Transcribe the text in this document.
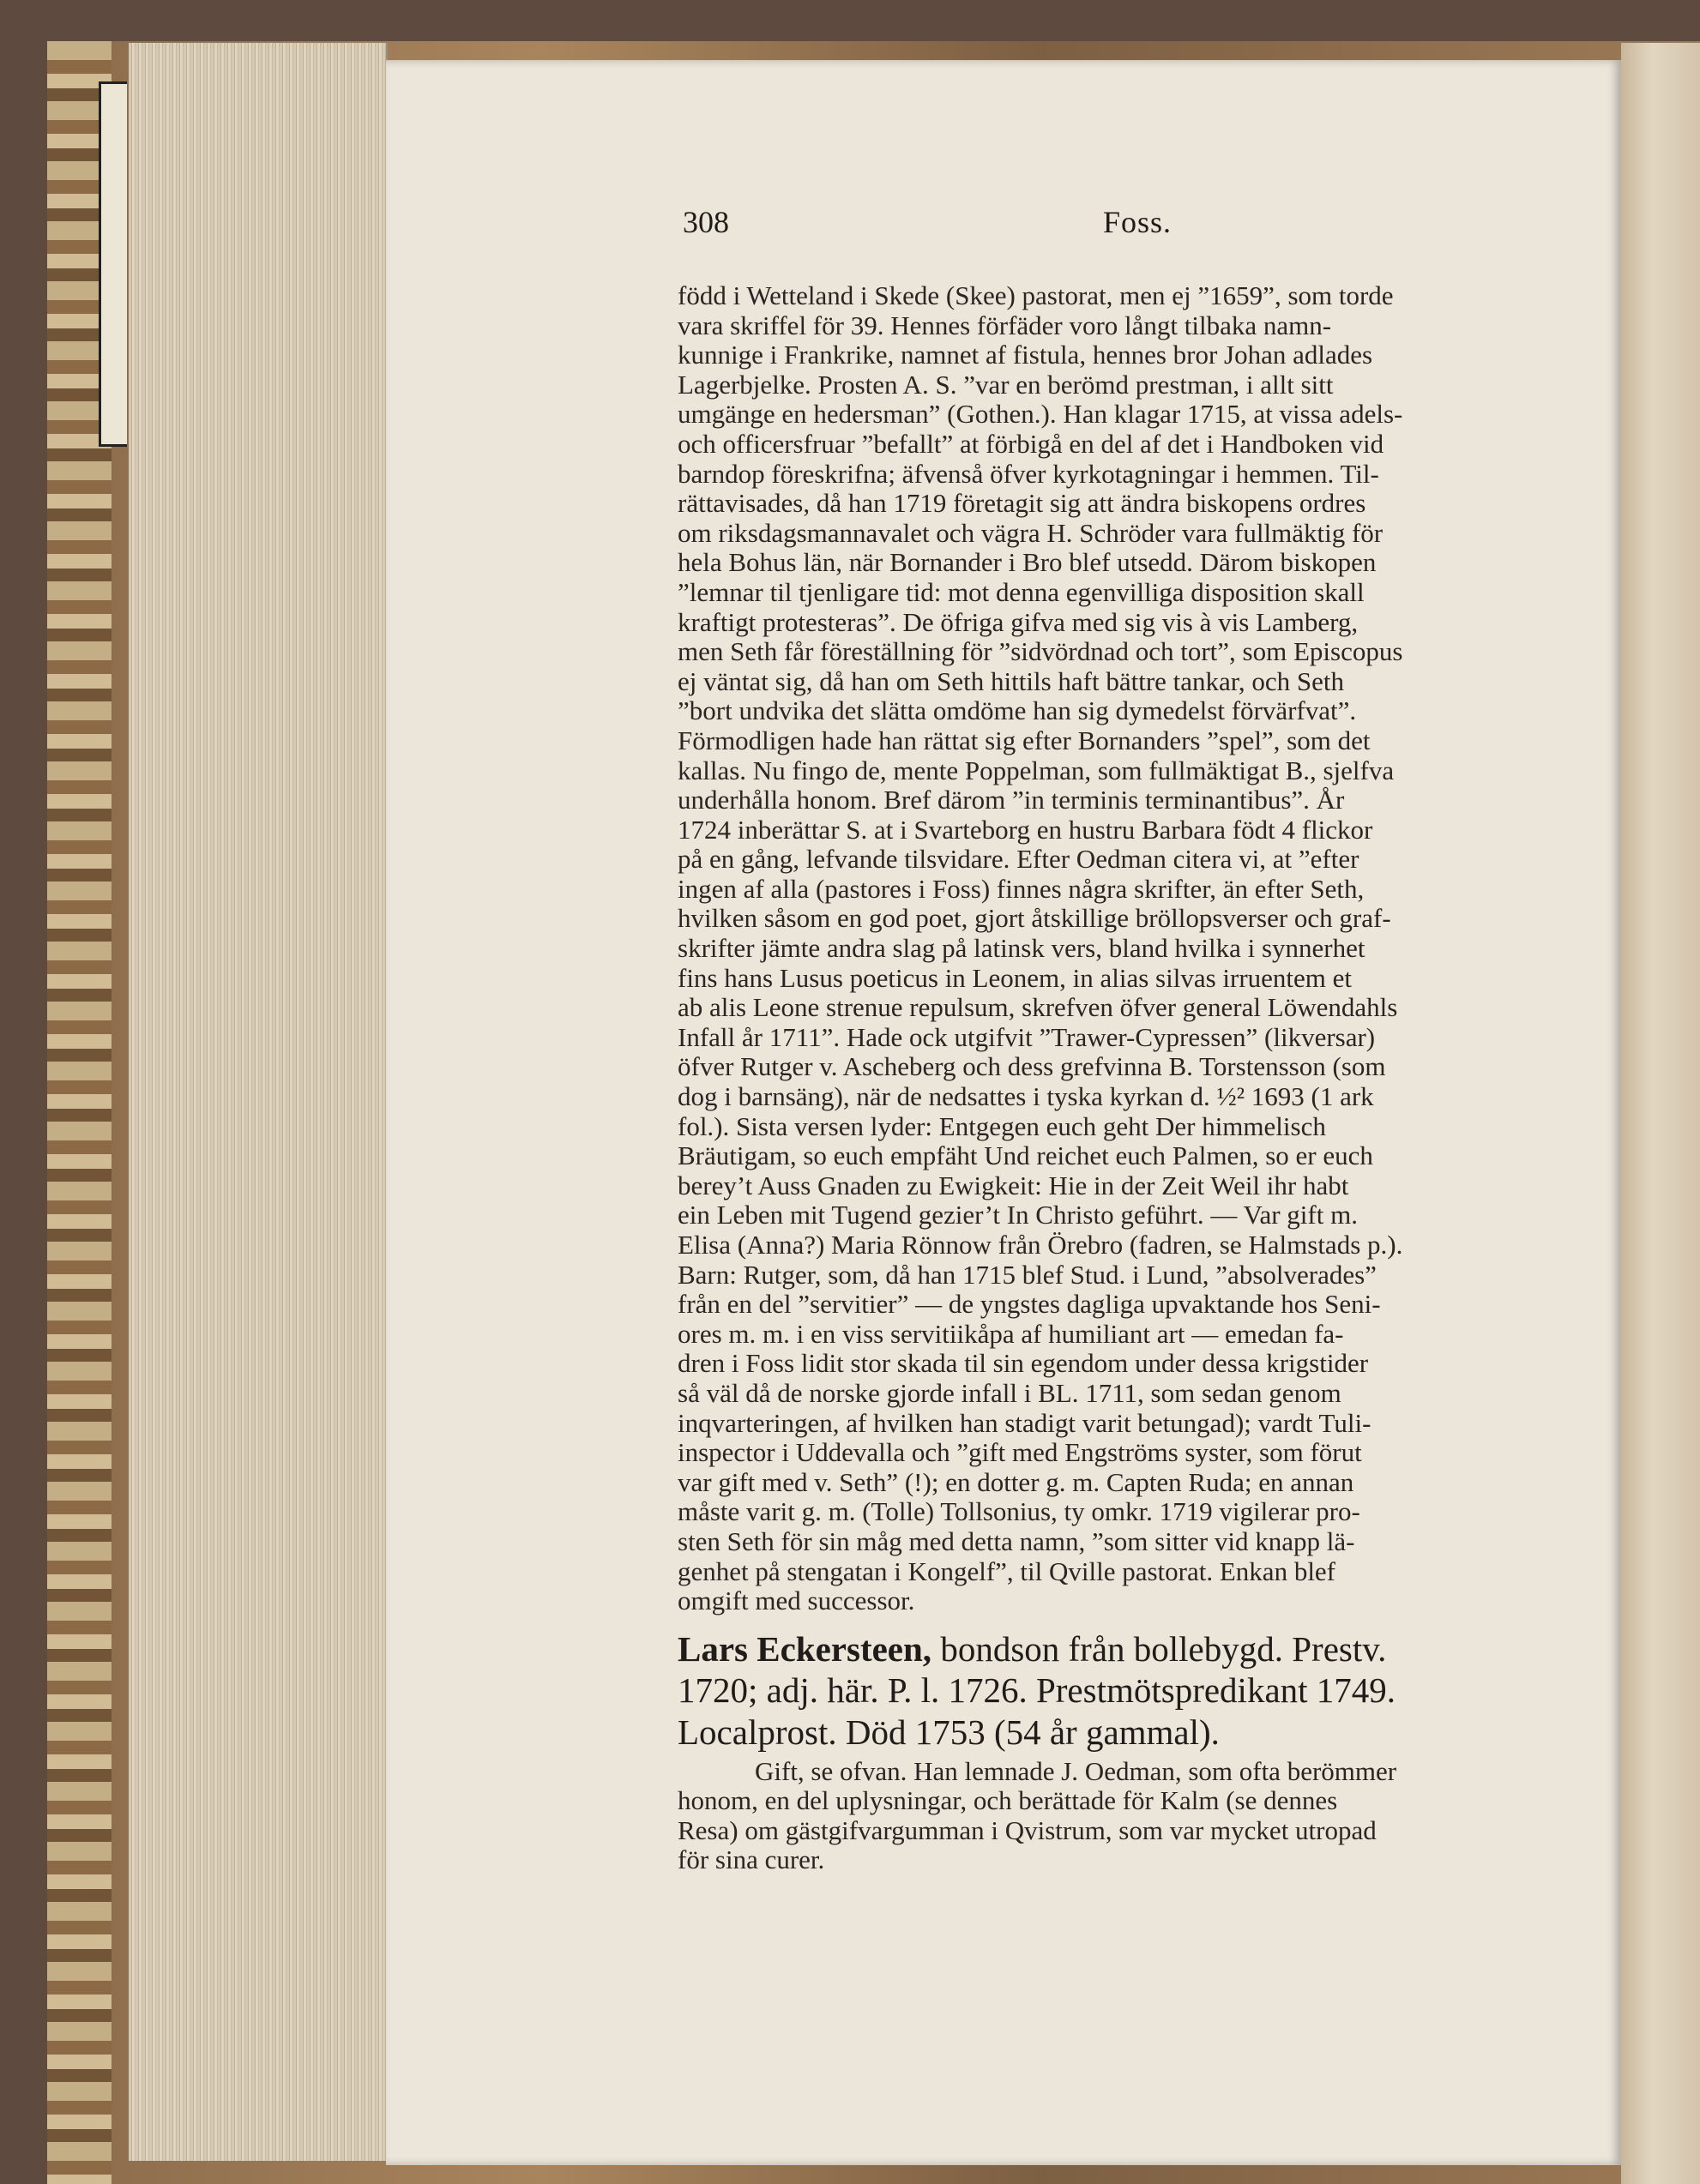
308	Foss.

född i Wetteland i Skede (Skee) pastorat, men ej ”1659”, som torde
vara skriffel för 39. Hennes förfäder voro långt tilbaka namn-
kunnige i Frankrike, namnet af fistula, hennes bror Johan adlades
Lagerbjelke. Prosten A. S. ”var en berömd prestman, i allt sitt
umgänge en hedersman” (Gothen.). Han klagar 1715, at vissa adels-
och officersfruar ”befallt” at förbigå en del af det i Handboken vid
barndop föreskrifna; äfvenså öfver kyrkotagningar i hemmen. Til-
rättavisades, då han 1719 företagit sig att ändra biskopens ordres
om riksdagsmannavalet och vägra H. Schröder vara fullmäktig för
hela Bohus län, när Bornander i Bro blef utsedd. Därom biskopen
”lemnar til tjenligare tid: mot denna egenvilliga disposition skall
kraftigt protesteras”. De öfriga gifva med sig vis à vis Lamberg,
men Seth får föreställning för ”sidvördnad och tort”, som Episcopus
ej väntat sig, då han om Seth hittils haft bättre tankar, och Seth
”bort undvika det slätta omdöme han sig dymedelst förvärfvat”.
Förmodligen hade han rättat sig efter Bornanders ”spel”, som det
kallas. Nu fingo de, mente Poppelman, som fullmäktigat B., sjelfva
underhålla honom. Bref därom ”in terminis terminantibus”. År
1724 inberättar S. at i Svarteborg en hustru Barbara födt 4 flickor
på en gång, lefvande tilsvidare. Efter Oedman citera vi, at ”efter
ingen af alla (pastores i Foss) finnes några skrifter, än efter Seth,
hvilken såsom en god poet, gjort åtskillige bröllopsverser och graf-
skrifter jämte andra slag på latinsk vers, bland hvilka i synnerhet
fins hans Lusus poeticus in Leonem, in alias silvas irruentem et
ab alis Leone strenue repulsum, skrefven öfver general Löwendahls
Infall år 1711”. Hade ock utgifvit ”Trawer-Cypressen” (likversar)
öfver Rutger v. Ascheberg och dess grefvinna B. Torstensson (som
dog i barnsäng), när de nedsattes i tyska kyrkan d. ½² 1693 (1 ark
fol.). Sista versen lyder: Entgegen euch geht Der himmelisch
Bräutigam, so euch empfäht Und reichet euch Palmen, so er euch
berey’t Auss Gnaden zu Ewigkeit: Hie in der Zeit Weil ihr habt
ein Leben mit Tugend gezier’t In Christo geführt. — Var gift m.
Elisa (Anna?) Maria Rönnow från Örebro (fadren, se Halmstads p.).
Barn: Rutger, som, då han 1715 blef Stud. i Lund, ”absolverades”
från en del ”servitier” — de yngstes dagliga upvaktande hos Seni-
ores m. m. i en viss servitiikåpa af humiliant art — emedan fa-
dren i Foss lidit stor skada til sin egendom under dessa krigstider
så väl då de norske gjorde infall i BL. 1711, som sedan genom
inqvarteringen, af hvilken han stadigt varit betungad); vardt Tuli-
inspector i Uddevalla och ”gift med Engströms syster, som förut
var gift med v. Seth” (!); en dotter g. m. Capten Ruda; en annan
måste varit g. m. (Tolle) Tollsonius, ty omkr. 1719 vigilerar pro-
sten Seth för sin måg med detta namn, ”som sitter vid knapp lä-
genhet på stengatan i Kongelf”, til Qville pastorat. Enkan blef
omgift med successor.

Lars Eckersteen, bondson från bollebygd. Prestv.
1720; adj. här. P. l. 1726. Prestmötspredikant 1749.
Localprost. Död 1753 (54 år gammal).

Gift, se ofvan. Han lemnade J. Oedman, som ofta berömmer
honom, en del uplysningar, och berättade för Kalm (se dennes
Resa) om gästgifvargumman i Qvistrum, som var mycket utropad
för sina curer.
